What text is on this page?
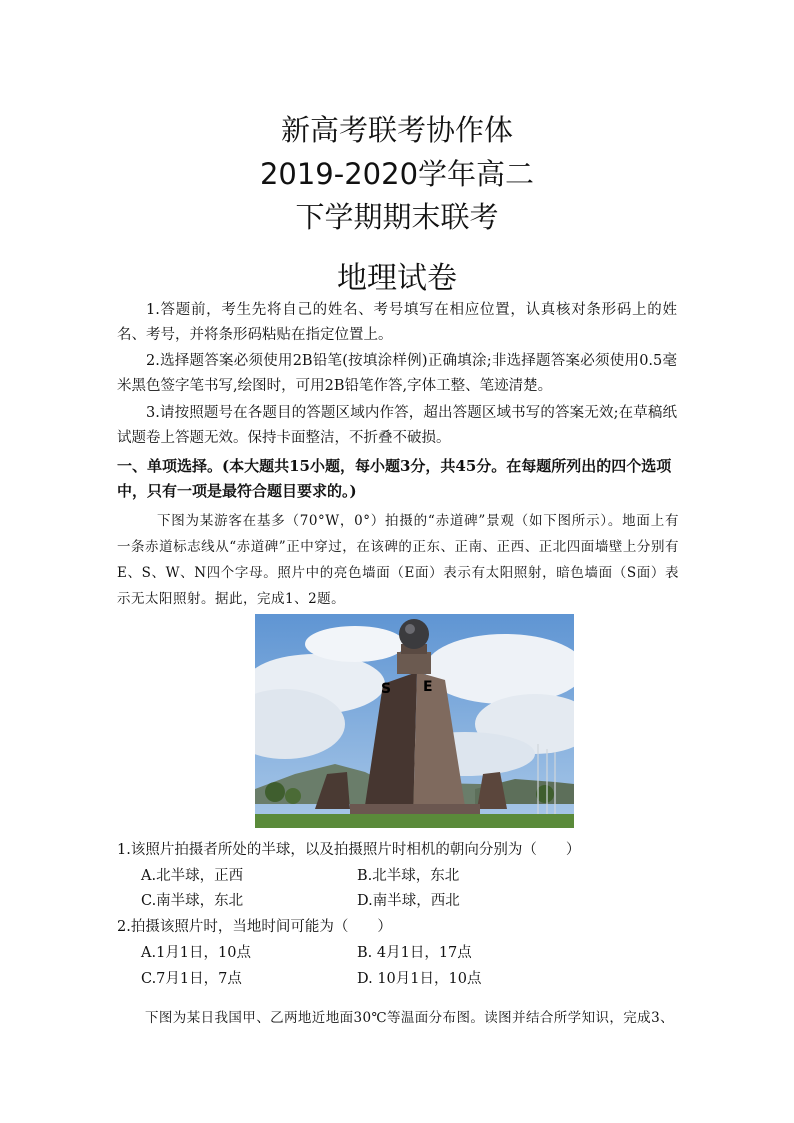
新高考联考协作体
2019-2020学年高二
下学期期末联考
地理试卷

1.答题前，考生先将自己的姓名、考号填写在相应位置，认真核对条形码上的姓名、考号，并将条形码粘贴在指定位置上。

2.选择题答案必须使用2B铅笔(按填涂样例)正确填涂;非选择题答案必须使用0.5毫米黑色签字笔书写,绘图时，可用2B铅笔作答,字体工整、笔迹清楚。

3.请按照题号在各题目的答题区域内作答，超出答题区域书写的答案无效;在草稿纸试题卷上答题无效。保持卡面整洁，不折叠不破损。

一、单项选择。(本大题共15小题，每小题3分，共45分。在每题所列出的四个选项中，只有一项是最符合题目要求的。)

下图为某游客在基多（70°W，0°）拍摄的“赤道碑”景观（如下图所示）。地面上有一条赤道标志线从“赤道碑”正中穿过，在该碑的正东、正南、正西、正北四面墙壁上分别有E、S、W、N四个字母。照片中的亮色墙面（E面）表示有太阳照射，暗色墙面（S面）表示无太阳照射。据此，完成1、2题。

S E

1.该照片拍摄者所处的半球，以及拍摄照片时相机的朝向分别为（　　）

A.北半球，正西	B.北半球，东北

C.南半球，东北	D.南半球，西北

2.拍摄该照片时，当地时间可能为（　　）

A.1月1日，10点	B. 4月1日，17点

C.7月1日，7点	D. 10月1日，10点

下图为某日我国甲、乙两地近地面30℃等温面分布图。读图并结合所学知识，完成3、
